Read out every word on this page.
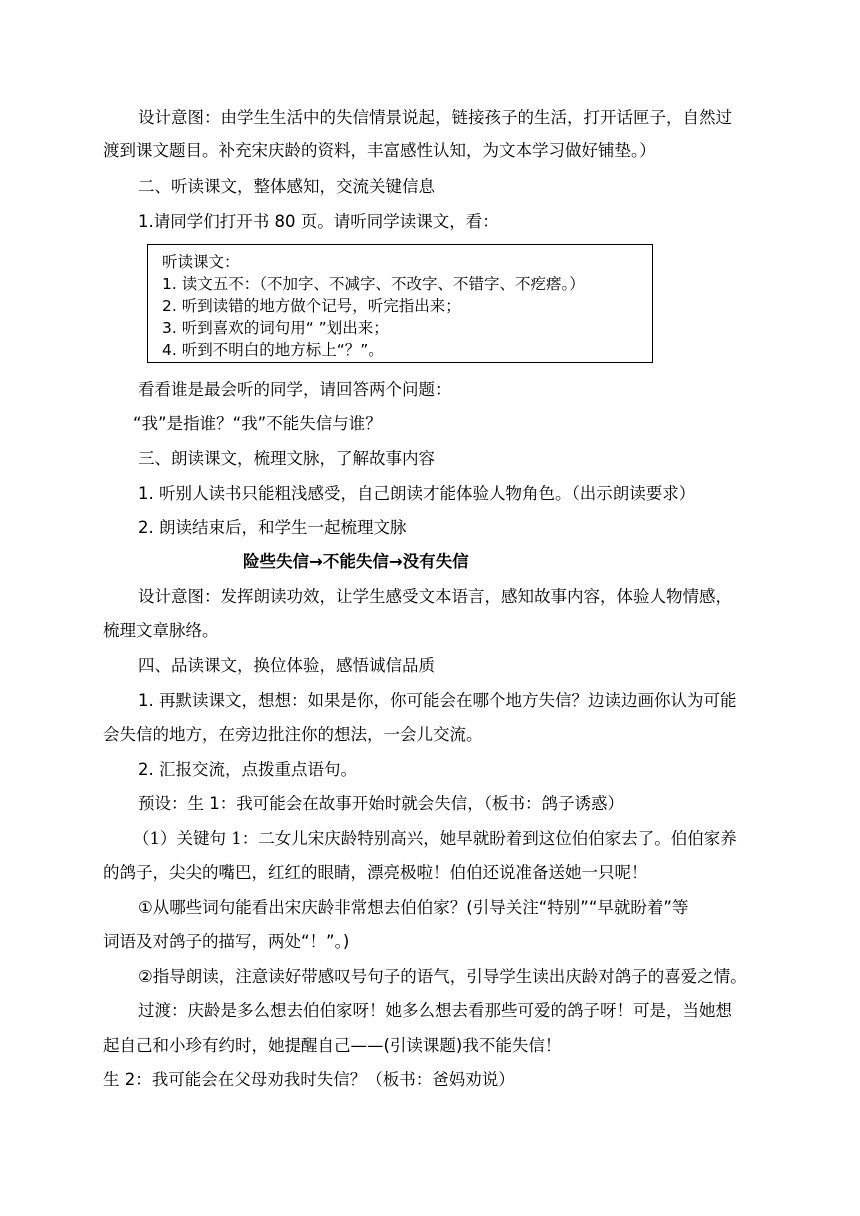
设计意图：由学生生活中的失信情景说起，链接孩子的生活，打开话匣子，自然过
渡到课文题目。补充宋庆龄的资料，丰富感性认知，为文本学习做好铺垫。）
二、听读课文，整体感知，交流关键信息
1.请同学们打开书 80 页。请听同学读课文，看：
听读课文：
1. 读文五不：（不加字、不减字、不改字、不错字、不疙瘩。）
2. 听到读错的地方做个记号，听完指出来；
3. 听到喜欢的词句用“ ”划出来；
4. 听到不明白的地方标上“？”。
看看谁是最会听的同学，请回答两个问题：
“我”是指谁？“我”不能失信与谁？
三、朗读课文，梳理文脉，了解故事内容
1. 听别人读书只能粗浅感受，自己朗读才能体验人物角色。（出示朗读要求）
2. 朗读结束后，和学生一起梳理文脉
险些失信→不能失信→没有失信
设计意图：发挥朗读功效，让学生感受文本语言，感知故事内容，体验人物情感，
梳理文章脉络。
四、品读课文，换位体验，感悟诚信品质
1. 再默读课文，想想：如果是你，你可能会在哪个地方失信？边读边画你认为可能
会失信的地方，在旁边批注你的想法，一会儿交流。
2. 汇报交流，点拨重点语句。
预设：生 1：我可能会在故事开始时就会失信，（板书：鸽子诱惑）
（1）关键句 1：二女儿宋庆龄特别高兴，她早就盼着到这位伯伯家去了。伯伯家养
的鸽子，尖尖的嘴巴，红红的眼睛，漂亮极啦！伯伯还说准备送她一只呢！
①从哪些词句能看出宋庆龄非常想去伯伯家？(引导关注“特别”“早就盼着”等
词语及对鸽子的描写，两处“！”。)
②指导朗读，注意读好带感叹号句子的语气，引导学生读出庆龄对鸽子的喜爱之情。
过渡：庆龄是多么想去伯伯家呀！她多么想去看那些可爱的鸽子呀！可是，当她想
起自己和小珍有约时，她提醒自己——(引读课题)我不能失信！
生 2：我可能会在父母劝我时失信？（板书：爸妈劝说）
